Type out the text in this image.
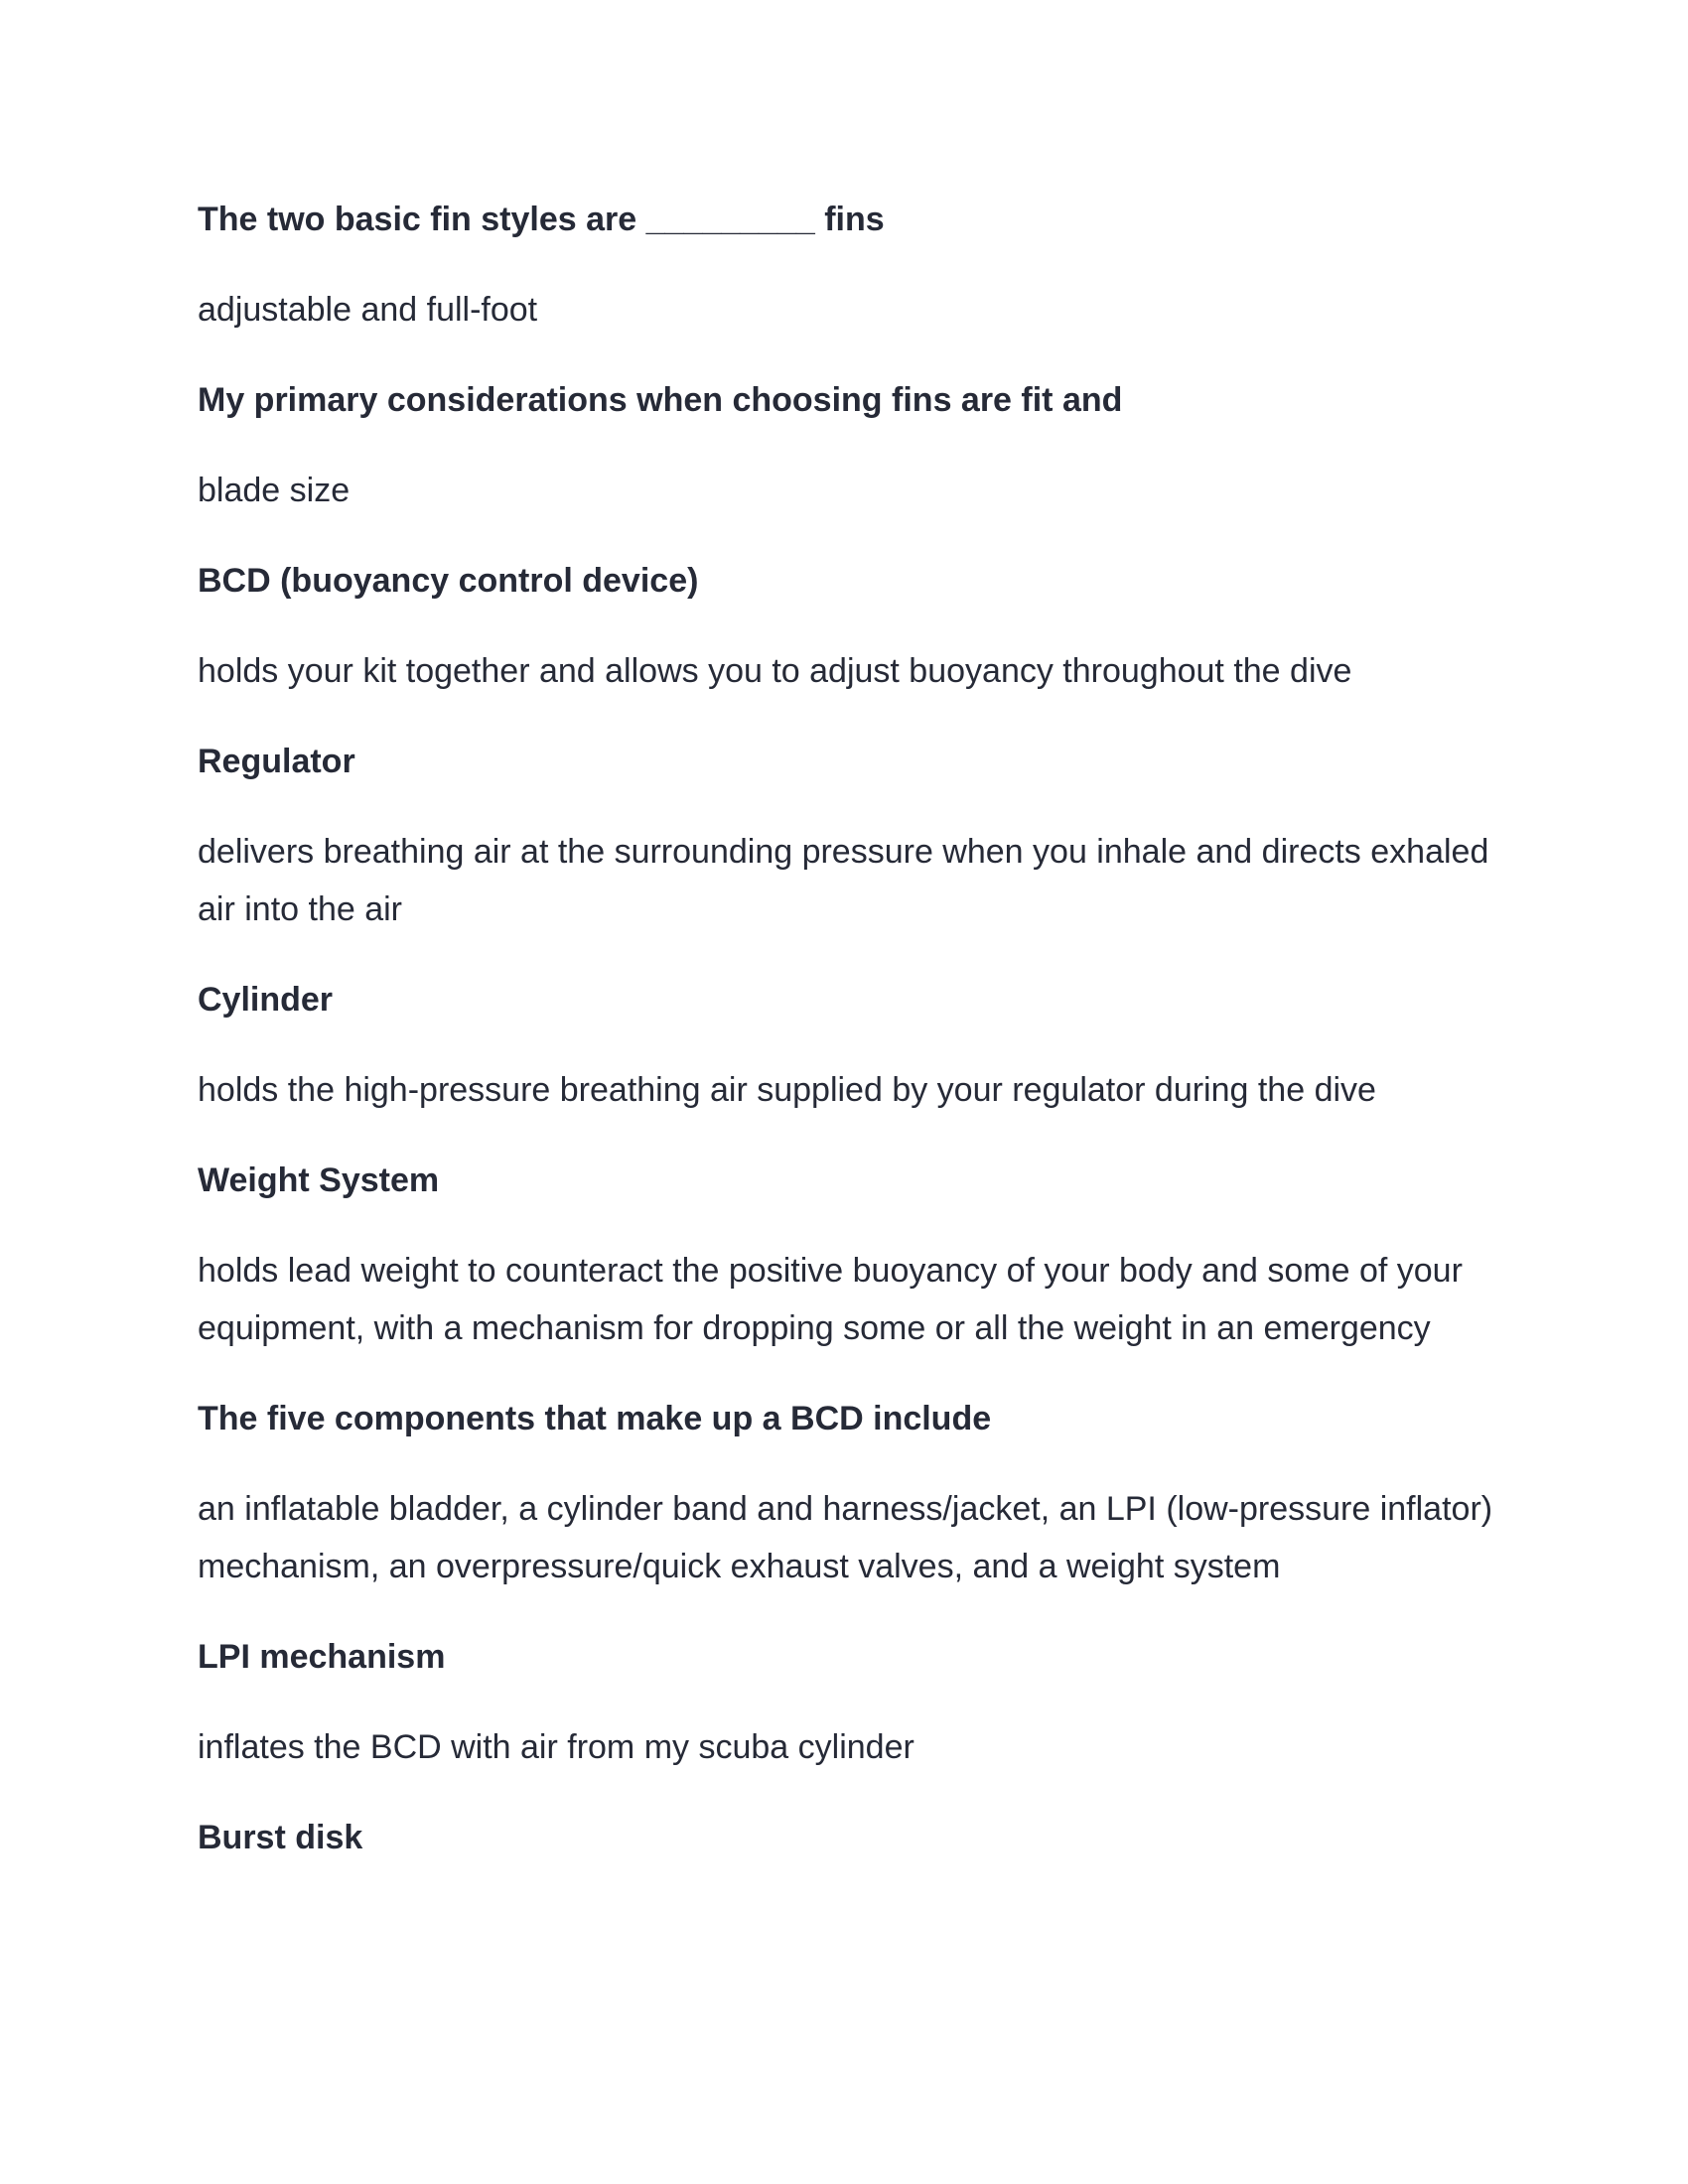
The two basic fin styles are _________ fins

adjustable and full-foot

My primary considerations when choosing fins are fit and

blade size

BCD (buoyancy control device)

holds your kit together and allows you to adjust buoyancy throughout the dive

Regulator

delivers breathing air at the surrounding pressure when you inhale and directs exhaled air into the air

Cylinder

holds the high-pressure breathing air supplied by your regulator during the dive

Weight System

holds lead weight to counteract the positive buoyancy of your body and some of your equipment, with a mechanism for dropping some or all the weight in an emergency

The five components that make up a BCD include

an inflatable bladder, a cylinder band and harness/jacket, an LPI (low-pressure inflator) mechanism, an overpressure/quick exhaust valves, and a weight system

LPI mechanism

inflates the BCD with air from my scuba cylinder

Burst disk
